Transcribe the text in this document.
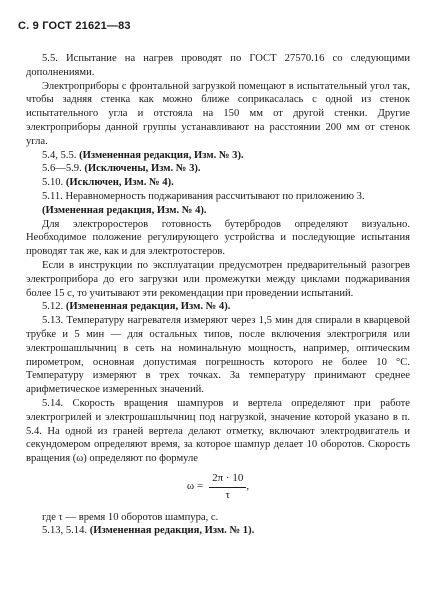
С. 9 ГОСТ 21621—83

5.5. Испытание на нагрев проводят по ГОСТ 27570.16 со следующими дополнениями.

Электроприборы с фронтальной загрузкой помещают в испытательный угол так, чтобы задняя стенка как можно ближе соприкасалась с одной из стенок испытательного угла и отстояла на 150 мм от другой стенки. Другие электроприборы данной группы устанавливают на расстоянии 200 мм от стенок угла.

5.4, 5.5. (Измененная редакция, Изм. № 3).

5.6—5.9. (Исключены, Изм. № 3).

5.10. (Исключен, Изм. № 4).

5.11. Неравномерность поджаривания рассчитывают по приложению 3.

(Измененная редакция, Изм. № 4).

Для электроростеров готовность бутербродов определяют визуально. Необходимое положение регулирующего устройства и последующие испытания проводят так же, как и для электротостеров.

Если в инструкции по эксплуатации предусмотрен предварительный разогрев электроприбора до его загрузки или промежутки между циклами поджаривания более 15 с, то учитывают эти рекомендации при проведении испытаний.

5.12. (Измененная редакция, Изм. № 4).

5.13. Температуру нагревателя измеряют через 1,5 мин для спирали в кварцевой трубке и 5 мин — для остальных типов, после включения электрогриля или электрошашлычниц в сеть на номинальную мощность, например, оптическим пирометром, основная допустимая погрешность которого не более 10 °С. Температуру измеряют в трех точках. За температуру принимают среднее арифметическое измеренных значений.

5.14. Скорость вращения шампуров и вертела определяют при работе электрогрилей и электрошашлычниц под нагрузкой, значение которой указано в п. 5.4. На одной из граней вертела делают отметку, включают электродвигатель и секундомером определяют время, за которое шампур делает 10 оборотов. Скорость вращения (ω) определяют по формуле

$\omega = \frac{2\pi \cdot 10}{\tau}$ ,

где τ — время 10 оборотов шампура, с.

5.13, 5.14. (Измененная редакция, Изм. № 1).
